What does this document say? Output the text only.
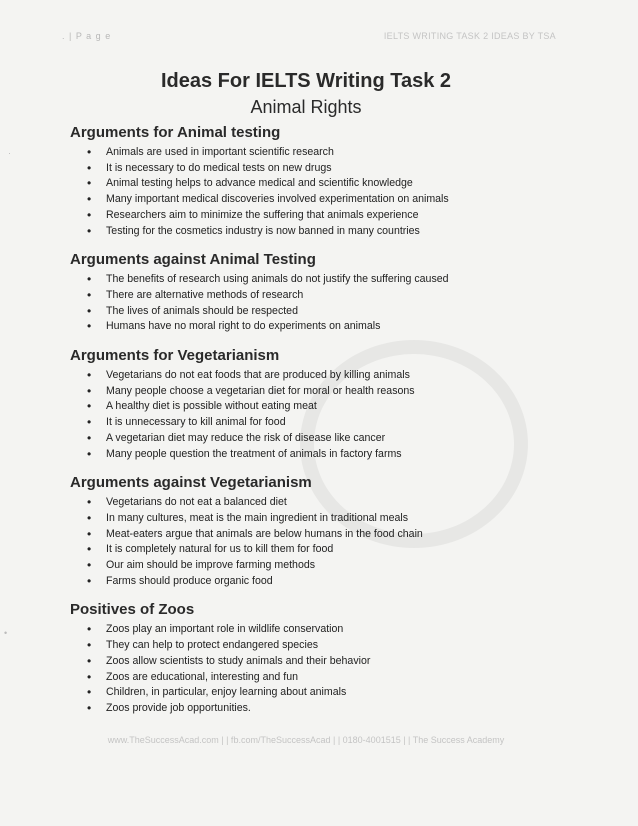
·
•
. | P a g e	IELTS WRITING TASK 2 IDEAS BY TSA
Ideas For IELTS Writing Task 2
Animal Rights
Arguments for Animal testing
• Animals are used in important scientific research
• It is necessary to do medical tests on new drugs
• Animal testing helps to advance medical and scientific knowledge
• Many important medical discoveries involved experimentation on animals
• Researchers aim to minimize the suffering that animals experience
• Testing for the cosmetics industry is now banned in many countries
Arguments against Animal Testing
• The benefits of research using animals do not justify the suffering caused
• There are alternative methods of research
• The lives of animals should be respected
• Humans have no moral right to do experiments on animals
Arguments for Vegetarianism
• Vegetarians do not eat foods that are produced by killing animals
• Many people choose a vegetarian diet for moral or health reasons
• A healthy diet is possible without eating meat
• It is unnecessary to kill animal for food
• A vegetarian diet may reduce the risk of disease like cancer
• Many people question the treatment of animals in factory farms
Arguments against Vegetarianism
• Vegetarians do not eat a balanced diet
• In many cultures, meat is the main ingredient in traditional meals
• Meat-eaters argue that animals are below humans in the food chain
• It is completely natural for us to kill them for food
• Our aim should be improve farming methods
• Farms should produce organic food
Positives of Zoos
• Zoos play an important role in wildlife conservation
• They can help to protect endangered species
• Zoos allow scientists to study animals and their behavior
• Zoos are educational, interesting and fun
• Children, in particular, enjoy learning about animals
• Zoos provide job opportunities.
www.TheSuccessAcad.com | | fb.com/TheSuccessAcad | | 0180-4001515 | | The Success Academy
